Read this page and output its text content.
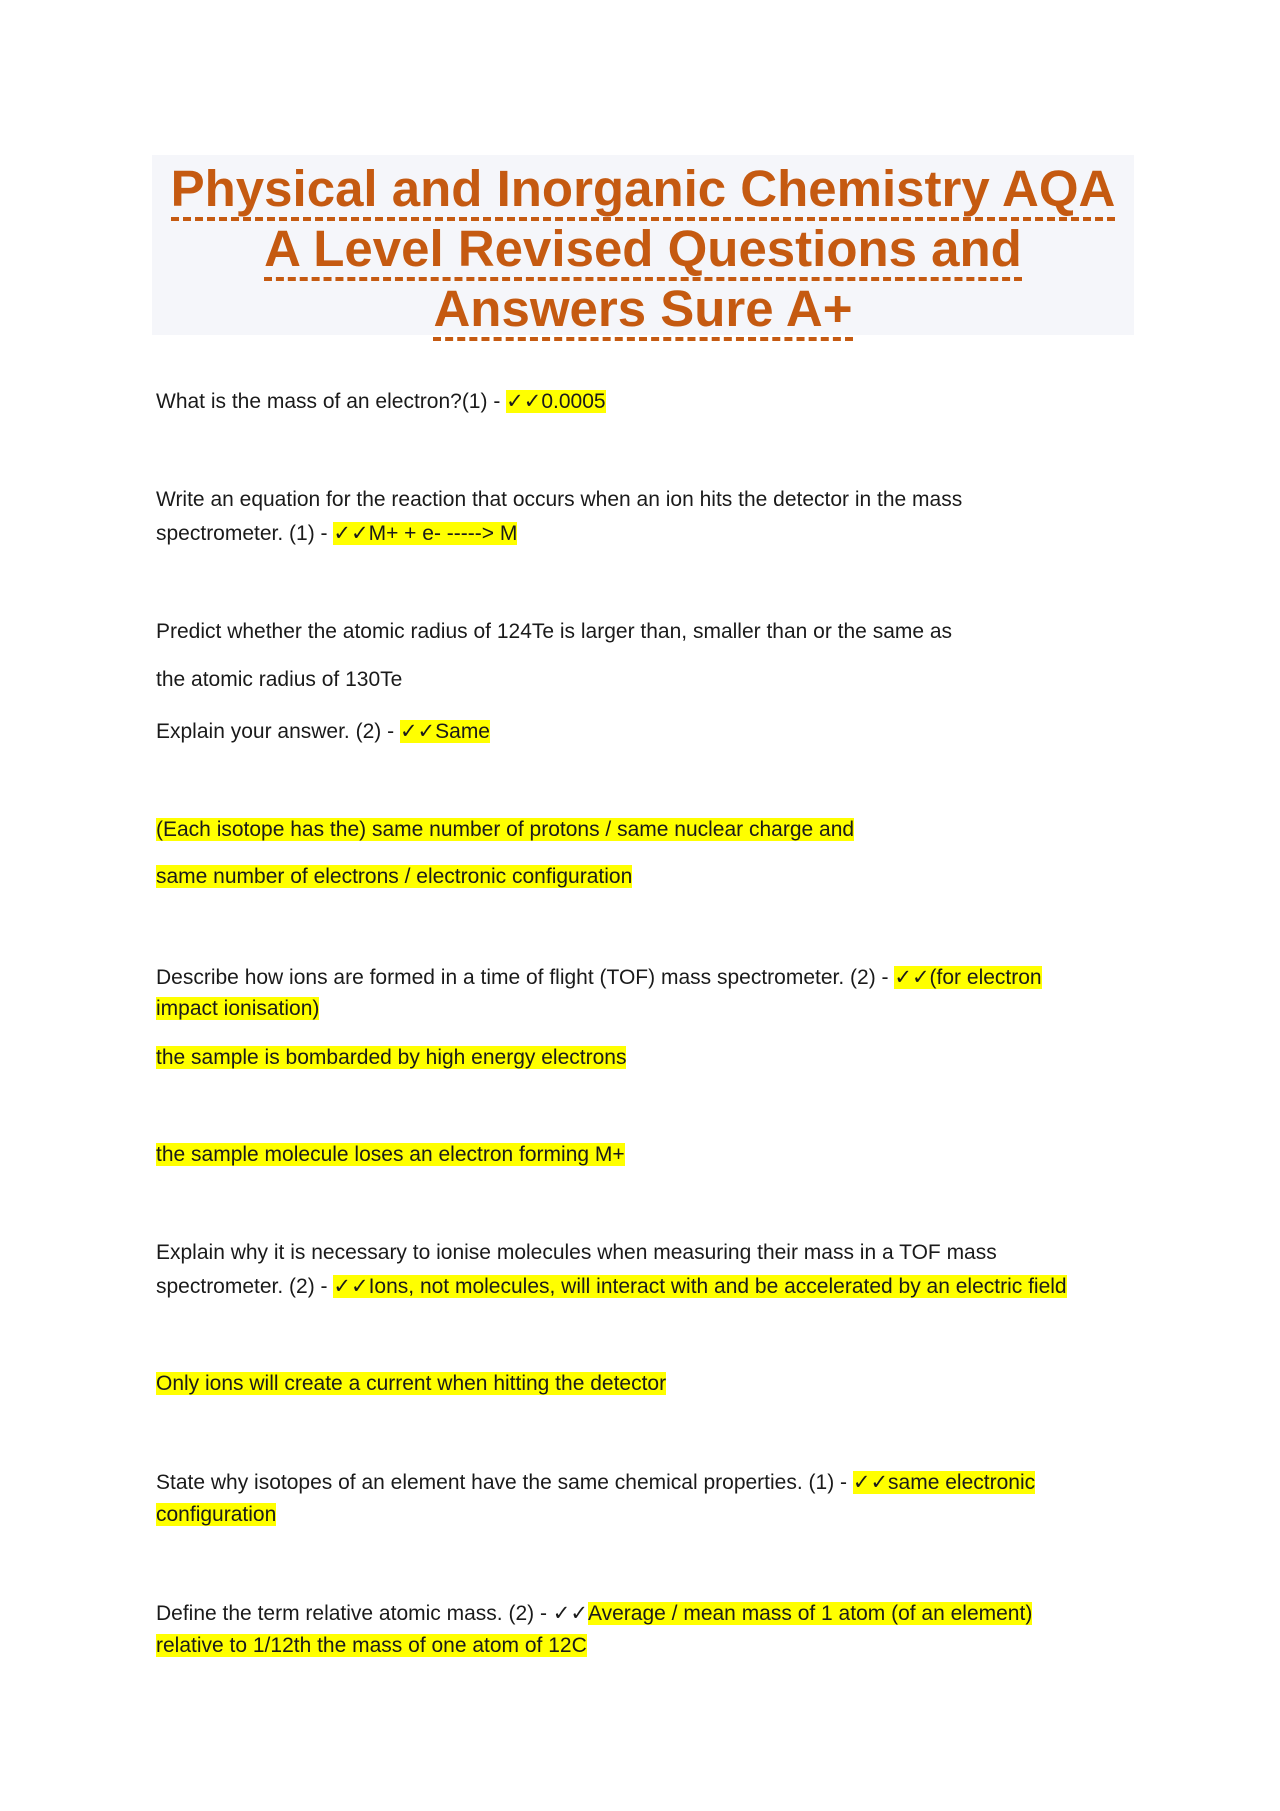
Physical and Inorganic Chemistry AQA
A Level Revised Questions and
Answers Sure A+
What is the mass of an electron?(1) - ✓✓0.0005
Write an equation for the reaction that occurs when an ion hits the detector in the mass
spectrometer. (1) - ✓✓M+ + e- -----> M
Predict whether the atomic radius of 124Te is larger than, smaller than or the same as
the atomic radius of 130Te
Explain your answer. (2) - ✓✓Same
(Each isotope has the) same number of protons / same nuclear charge and
same number of electrons / electronic configuration
Describe how ions are formed in a time of flight (TOF) mass spectrometer. (2) - ✓✓(for electron
impact ionisation)
the sample is bombarded by high energy electrons
the sample molecule loses an electron forming M+
Explain why it is necessary to ionise molecules when measuring their mass in a TOF mass
spectrometer. (2) - ✓✓Ions, not molecules, will interact with and be accelerated by an electric field
Only ions will create a current when hitting the detector
State why isotopes of an element have the same chemical properties. (1) - ✓✓same electronic
configuration
Define the term relative atomic mass. (2) - ✓✓Average / mean mass of 1 atom (of an element)
relative to 1/12th the mass of one atom of 12C
